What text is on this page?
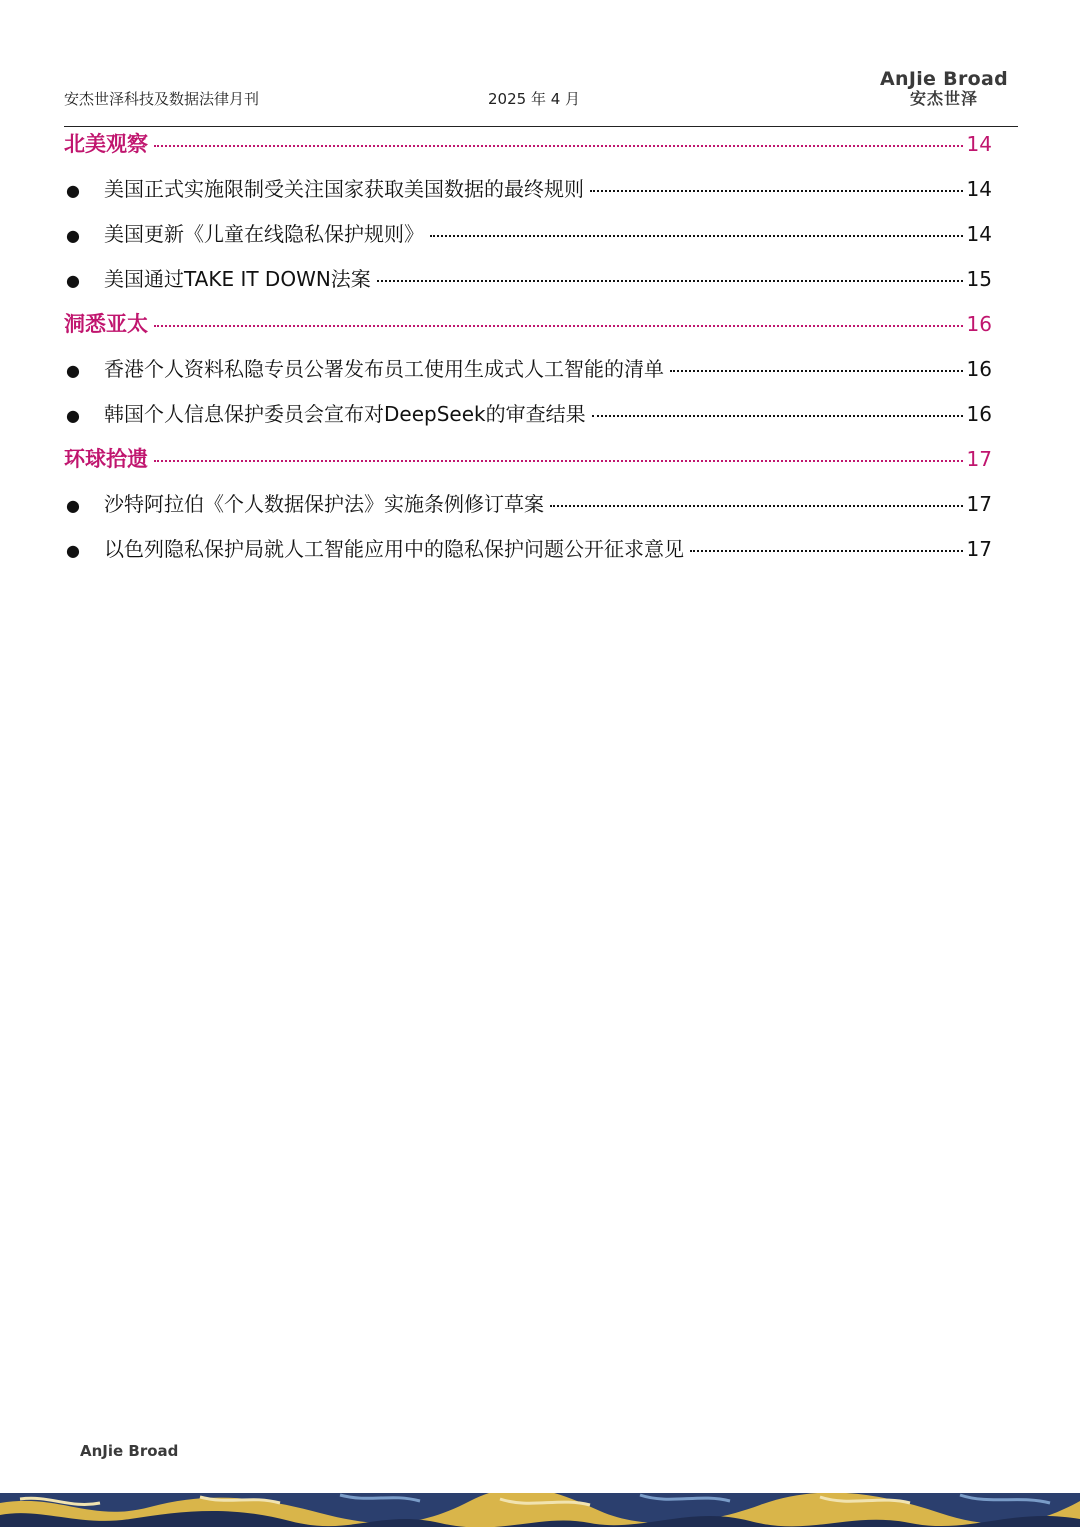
安杰世泽科技及数据法律月刊	2025 年 4 月
AnJie Broad
安杰世泽
北美观察	14
●	美国正式实施限制受关注国家获取美国数据的最终规则	14
●	美国更新《儿童在线隐私保护规则》	14
●	美国通过TAKE IT DOWN法案	15
洞悉亚太	16
●	香港个人资料私隐专员公署发布员工使用生成式人工智能的清单	16
●	韩国个人信息保护委员会宣布对DeepSeek的审查结果	16
环球拾遗	17
●	沙特阿拉伯《个人数据保护法》实施条例修订草案	17
●	以色列隐私保护局就人工智能应用中的隐私保护问题公开征求意见	17
AnJie Broad
